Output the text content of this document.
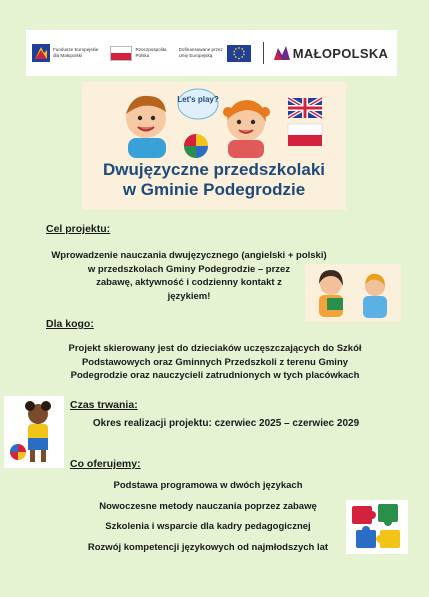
Fundusze Europejskie
dla Małopolski
Rzeczpospolita
Polska
Dofinansowane przez
Unię Europejską	MAŁOPOLSKA
Let's play?
Dwujęzyczne przedszkolaki
w Gminie Podegrodzie
Cel projektu:
Wprowadzenie nauczania dwujęzycznego (angielski + polski)
w przedszkolach Gminy Podegrodzie – przez
zabawę, aktywność i codzienny kontakt z
językiem!
Dla kogo:
Projekt skierowany jest do dzieciaków uczęszczających do Szkół
Podstawowych oraz Gminnych Przedszkoli z terenu Gminy
Podegrodzie oraz nauczycieli zatrudnionych w tych placówkach
Czas trwania:
Okres realizacji projektu: czerwiec 2025 – czerwiec 2029
Co oferujemy:
Podstawa programowa w dwóch językach
Nowoczesne metody nauczania poprzez zabawę
Szkolenia i wsparcie dla kadry pedagogicznej
Rozwój kompetencji językowych od najmłodszych lat
